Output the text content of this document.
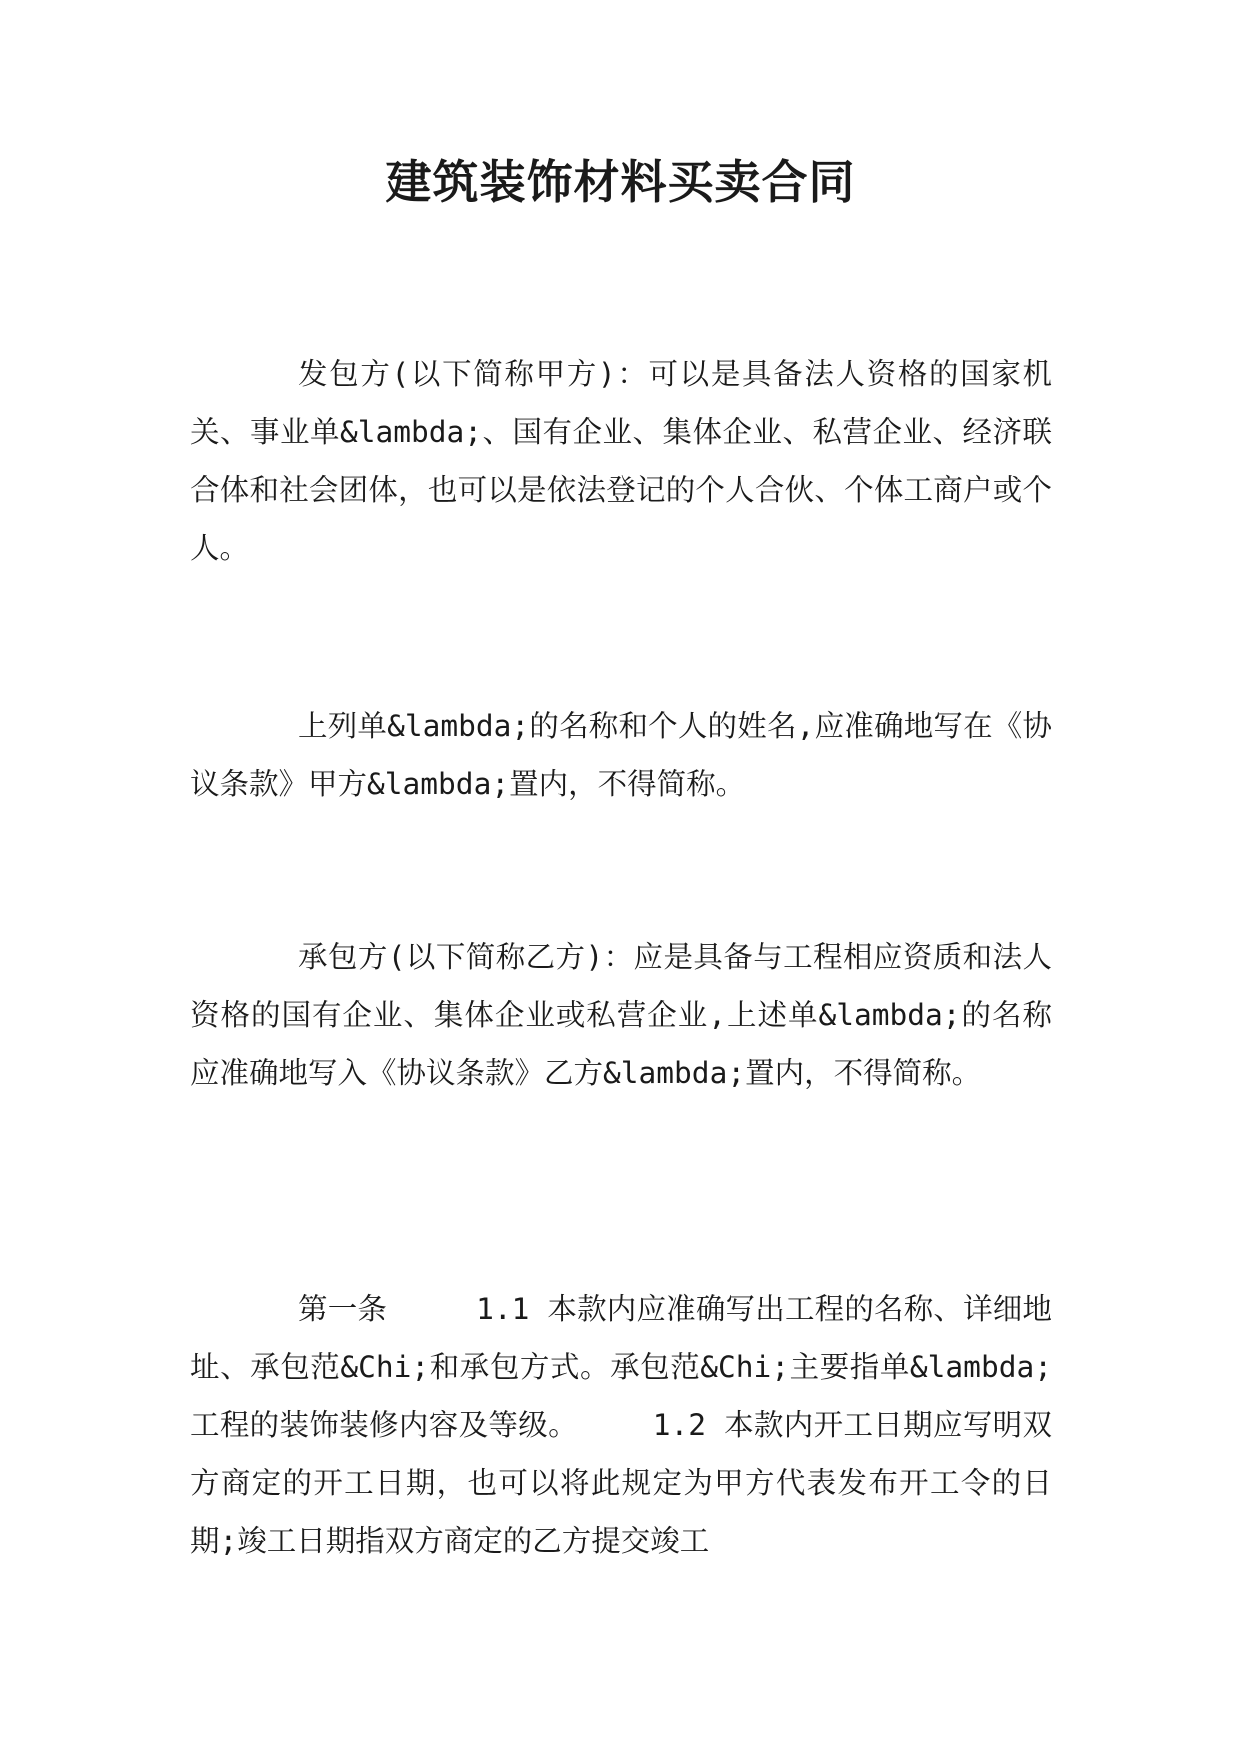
建筑装饰材料买卖合同

发包方(以下简称甲方)：可以是具备法人资格的国家机关、事业单&lambda;、国有企业、集体企业、私营企业、经济联合体和社会团体，也可以是依法登记的个人合伙、个体工商户或个人。

上列单&lambda;的名称和个人的姓名,应准确地写在《协议条款》甲方&lambda;置内，不得简称。

承包方(以下简称乙方)：应是具备与工程相应资质和法人资格的国有企业、集体企业或私营企业,上述单&lambda;的名称应准确地写入《协议条款》乙方&lambda;置内，不得简称。

第一条　　　1.1 本款内应准确写出工程的名称、详细地址、承包范&Chi;和承包方式。承包范&Chi;主要指单&lambda;工程的装饰装修内容及等级。　　　1.2 本款内开工日期应写明双方商定的开工日期，也可以将此规定为甲方代表发布开工令的日期;竣工日期指双方商定的乙方提交竣工
